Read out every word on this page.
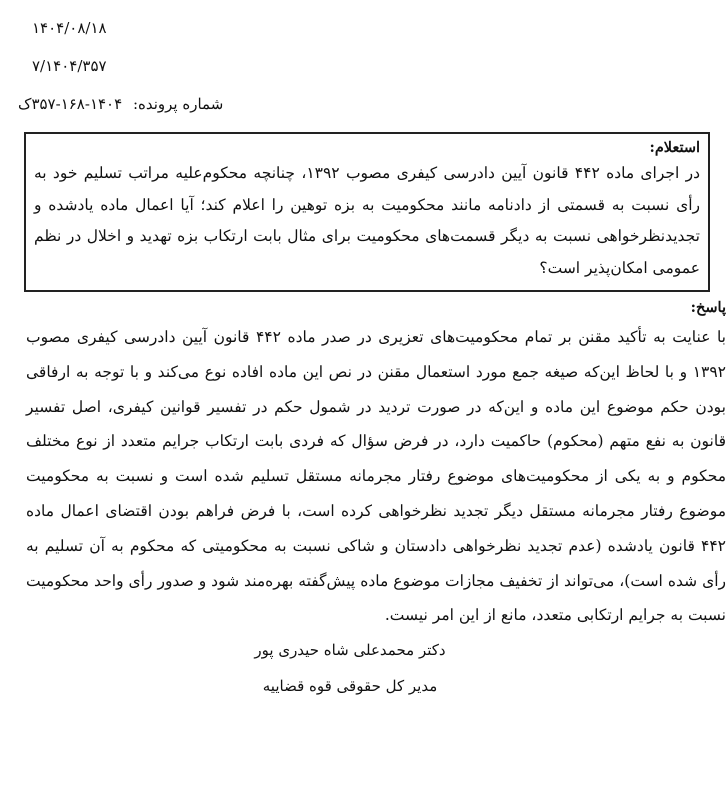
۱۴۰۴/۰۸/۱۸
۷/۱۴۰۴/۳۵۷
شماره پرونده: ۱۴۰۴-۱۶۸-۳۵۷ک
استعلام:
در اجرای ماده ۴۴۲ قانون آیین دادرسی کیفری مصوب ۱۳۹۲، چنانچه محکوم‌علیه مراتب تسلیم خود به رأی نسبت به قسمتی از دادنامه مانند محکومیت به بزه توهین را اعلام کند؛ آیا اعمال ماده یادشده و تجدیدنظرخواهی نسبت به دیگر قسمت‌های محکومیت برای مثال بابت ارتکاب بزه تهدید و اخلال در نظم عمومی امکان‌پذیر است؟
پاسخ:
با عنایت به تأکید مقنن بر تمام محکومیت‌های تعزیری در صدر ماده ۴۴۲ قانون آیین دادرسی کیفری مصوب ۱۳۹۲ و با لحاظ این‌که صیغه جمع مورد استعمال مقنن در نص این ماده افاده نوع می‌کند و با توجه به ارفاقی بودن حکم موضوع این ماده و این‌که در صورت تردید در شمول حکم در تفسیر قوانین کیفری، اصل تفسیر قانون به نفع متهم (محکوم) حاکمیت دارد، در فرض سؤال که فردی بابت ارتکاب جرایم متعدد از نوع مختلف محکوم و به یکی از محکومیت‌های موضوع رفتار مجرمانه مستقل تسلیم شده است و نسبت به محکومیت موضوع رفتار مجرمانه مستقل دیگر تجدید نظرخواهی کرده است، با فرض فراهم بودن اقتضای اعمال ماده ۴۴۲ قانون یادشده (عدم تجدید نظرخواهی دادستان و شاکی نسبت به محکومیتی که محکوم به آن تسلیم به رأی شده است)، می‌تواند از تخفیف مجازات موضوع ماده پیش‌گفته بهره‌مند شود و صدور رأی واحد محکومیت نسبت به جرایم ارتکابی متعدد، مانع از این امر نیست.
دکتر محمدعلی شاه حیدری پور
مدیر کل حقوقی قوه قضاییه
